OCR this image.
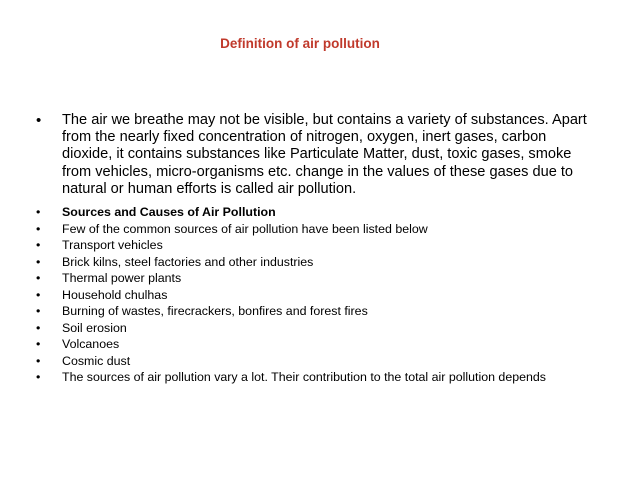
Definition of air pollution
•	The air we breathe may not be visible, but contains a variety of substances. Apart from the nearly fixed concentration of nitrogen, oxygen, inert gases, carbon dioxide, it contains substances like Particulate Matter, dust, toxic gases, smoke from vehicles, micro-organisms etc. change in the values of these gases due to natural or human efforts is called air pollution.
•	Sources and Causes of Air Pollution
•	Few of the common sources of air pollution have been listed below
•	Transport vehicles
•	Brick kilns, steel factories and other industries
•	Thermal power plants
•	Household chulhas
•	Burning of wastes, firecrackers, bonfires and forest fires
•	Soil erosion
•	Volcanoes
•	Cosmic dust
•	The sources of air pollution vary a lot. Their contribution to the total air pollution depends
